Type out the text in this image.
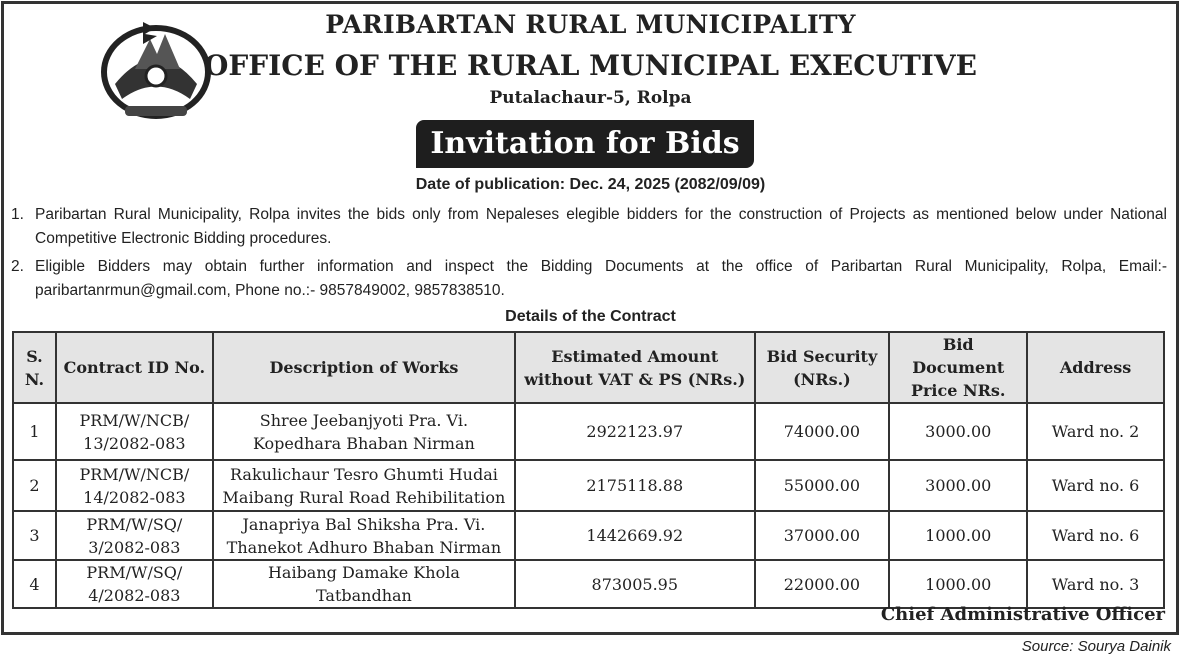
PARIBARTAN RURAL MUNICIPALITY
OFFICE OF THE RURAL MUNICIPAL EXECUTIVE
Putalachaur-5, Rolpa
Invitation for Bids
Date of publication: Dec. 24, 2025 (2082/09/09)
1. Paribartan Rural Municipality, Rolpa invites the bids only from Nepaleses elegible bidders for the construction of Projects as mentioned below under National Competitive Electronic Bidding procedures.
2. Eligible Bidders may obtain further information and inspect the Bidding Documents at the office of Paribartan Rural Municipality, Rolpa, Email:-paribartanrmun@gmail.com, Phone no.:- 9857849002, 9857838510.
Details of the Contract
S. N.	Contract ID No.	Description of Works	Estimated Amount without VAT & PS (NRs.)	Bid Security (NRs.)	Bid Document Price NRs.	Address
1	PRM/W/NCB/ 13/2082-083	Shree Jeebanjyoti Pra. Vi. Kopedhara Bhaban Nirman	2922123.97	74000.00	3000.00	Ward no. 2
2	PRM/W/NCB/ 14/2082-083	Rakulichaur Tesro Ghumti Hudai Maibang Rural Road Rehibilitation	2175118.88	55000.00	3000.00	Ward no. 6
3	PRM/W/SQ/ 3/2082-083	Janapriya Bal Shiksha Pra. Vi. Thanekot Adhuro Bhaban Nirman	1442669.92	37000.00	1000.00	Ward no. 6
4	PRM/W/SQ/ 4/2082-083	Haibang Damake Khola Tatbandhan	873005.95	22000.00	1000.00	Ward no. 3
Chief Administrative Officer
Source: Sourya Dainik
